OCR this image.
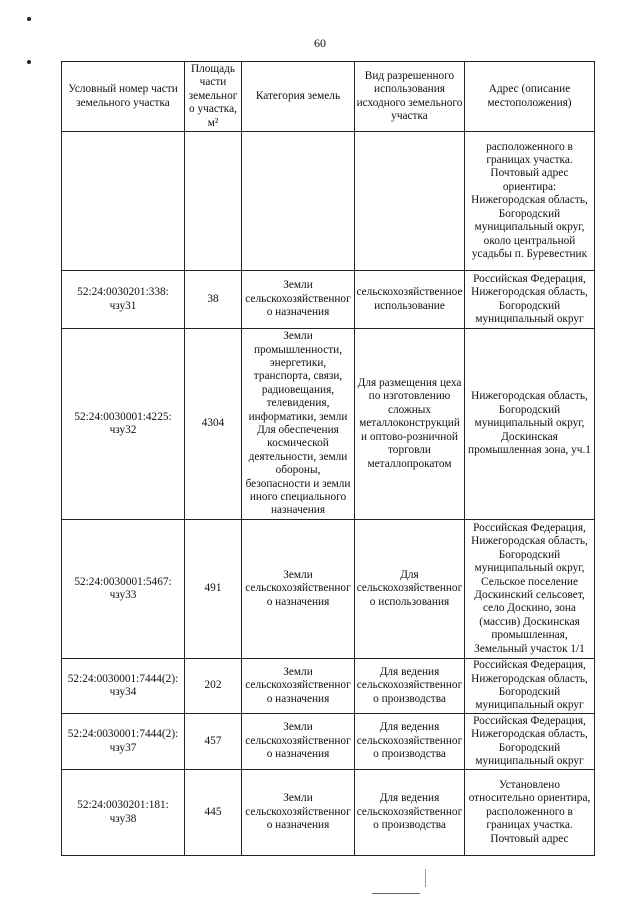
60
Условный номер части земельного участка	Площадь части земельного участка, м²	Категория земель	Вид разрешенного использования исходного земельного участка	Адрес (описание местоположения)
				расположенного в границах участка. Почтовый адрес ориентира: Нижегородская область, Богородский муниципальный округ, около центральной усадьбы п. Буревестник
52:24:0030201:338: чзу31	38	Земли сельскохозяйственного назначения	сельскохозяйственное использование	Российская Федерация, Нижегородская область, Богородский муниципальный округ
52:24:0030001:4225: чзу32	4304	Земли промышленности, энергетики, транспорта, связи, радиовещания, телевидения, информатики, земли Для обеспечения космической деятельности, земли обороны, безопасности и земли иного специального назначения	Для размещения цеха по изготовлению сложных металлоконструкций и оптово-розничной торговли металлопрокатом	Нижегородская область, Богородский муниципальный округ, Доскинская промышленная зона, уч.1
52:24:0030001:5467: чзу33	491	Земли сельскохозяйственного назначения	Для сельскохозяйственного использования	Российская Федерация, Нижегородская область, Богородский муниципальный округ, Сельское поселение Доскинский сельсовет, село Доскино, зона (массив) Доскинская промышленная, Земельный участок 1/1
52:24:0030001:7444(2): чзу34	202	Земли сельскохозяйственного назначения	Для ведения сельскохозяйственного производства	Российская Федерация, Нижегородская область, Богородский муниципальный округ
52:24:0030001:7444(2): чзу37	457	Земли сельскохозяйственного назначения	Для ведения сельскохозяйственного производства	Российская Федерация, Нижегородская область, Богородский муниципальный округ
52:24:0030201:181: чзу38	445	Земли сельскохозяйственного назначения	Для ведения сельскохозяйственного производства	Установлено относительно ориентира, расположенного в границах участка. Почтовый адрес
